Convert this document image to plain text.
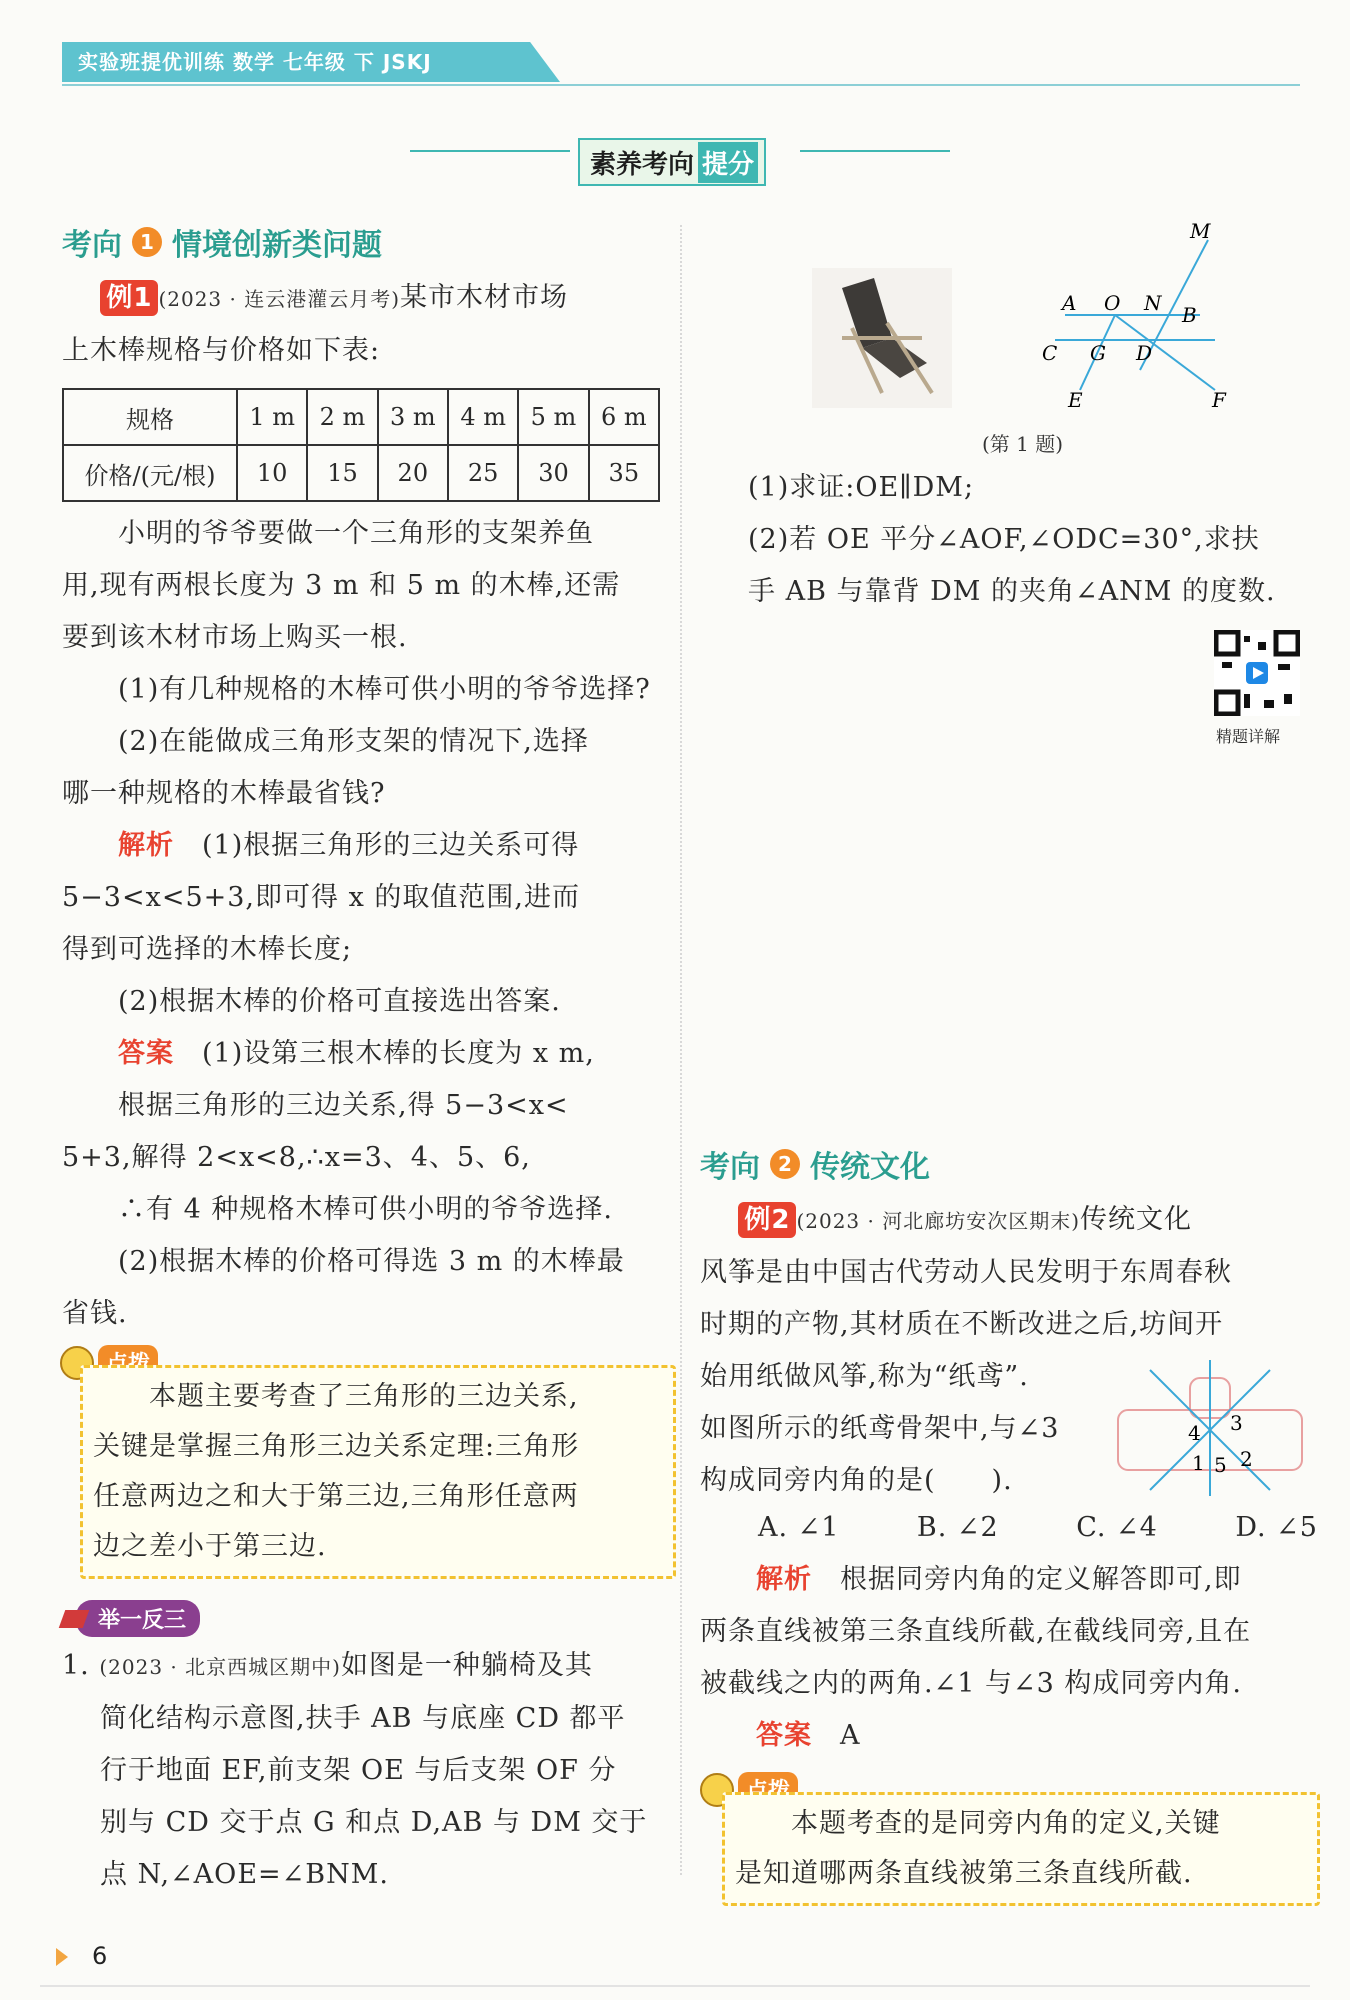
实验班提优训练 数学 七年级 下 JSKJ
素养考向 提分
考向 1 情境创新类问题
例1 (2023 · 连云港灌云月考)某市木材市场
上木棒规格与价格如下表:
规格	1 m	2 m	3 m	4 m	5 m	6 m
价格/(元/根)	10	15	20	25	30	35
　　小明的爷爷要做一个三角形的支架养鱼
用,现有两根长度为 3 m 和 5 m 的木棒,还需
要到该木材市场上购买一根.
　　(1)有几种规格的木棒可供小明的爷爷选择?
　　(2)在能做成三角形支架的情况下,选择
哪一种规格的木棒最省钱?
解析　(1)根据三角形的三边关系可得
5−3<x<5+3,即可得 x 的取值范围,进而
得到可选择的木棒长度;
　　(2)根据木棒的价格可直接选出答案.
答案　(1)设第三根木棒的长度为 x m,
　　根据三角形的三边关系,得 5−3<x<
5+3,解得 2<x<8,∴x=3、4、5、6,
　　∴有 4 种规格木棒可供小明的爷爷选择.
　　(2)根据木棒的价格可得选 3 m 的木棒最
省钱.
　　本题主要考查了三角形的三边关系,
关键是掌握三角形三边关系定理:三角形
任意两边之和大于第三边,三角形任意两
边之差小于第三边.
举一反三
1. (2023 · 北京西城区期中)如图是一种躺椅及其
简化结构示意图,扶手 AB 与底座 CD 都平
行于地面 EF,前支架 OE 与后支架 OF 分
别与 CD 交于点 G 和点 D,AB 与 DM 交于
点 N,∠AOE=∠BNM.
M
A O N B
C G D
E	F
(第 1 题)
(1)求证:OE∥DM;
(2)若 OE 平分∠AOF,∠ODC=30°,求扶
手 AB 与靠背 DM 的夹角∠ANM 的度数.
精题详解
考向 2 传统文化
例2 (2023 · 河北廊坊安次区期末)传统文化
风筝是由中国古代劳动人民发明于东周春秋
时期的产物,其材质在不断改进之后,坊间开
始用纸做风筝,称为“纸鸢”.
如图所示的纸鸢骨架中,与∠3
构成同旁内角的是(　　).
4 3
1 5 2
A. ∠1	B. ∠2	C. ∠4	D. ∠5
解析　根据同旁内角的定义解答即可,即
两条直线被第三条直线所截,在截线同旁,且在
被截线之内的两角.∠1 与∠3 构成同旁内角.
答案　A
　　本题考查的是同旁内角的定义,关键
是知道哪两条直线被第三条直线所截.
6
